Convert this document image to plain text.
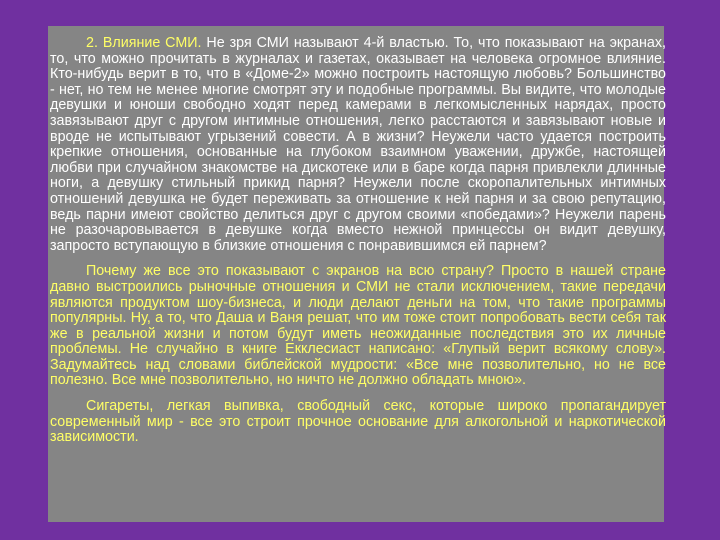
2. Влияние СМИ. Не зря СМИ называют 4-й властью. То, что показывают на экранах, то, что можно прочитать в журналах и газетах, оказывает на человека огромное влияние. Кто-нибудь верит в то, что в «Доме-2» можно построить настоящую любовь? Большинство - нет, но тем не менее многие смотрят эту и подобные программы. Вы видите, что молодые девушки и юноши свободно ходят перед камерами в легкомысленных нарядах, просто завязывают друг с другом интимные отношения, легко расстаются и завязывают новые и вроде не испытывают угрызений совести. А в жизни? Неужели часто удается построить крепкие отношения, основанные на глубоком взаимном уважении, дружбе, настоящей любви при случайном знакомстве на дискотеке или в баре когда парня привлекли длинные ноги, а девушку стильный прикид парня? Неужели после скоропалительных интимных отношений девушка не будет переживать за отношение к ней парня и за свою репутацию, ведь парни имеют свойство делиться друг с другом своими «победами»? Неужели парень не разочаровывается в девушке когда вместо нежной принцессы он видит девушку, запросто вступающую в близкие отношения с понравившимся ей парнем?

Почему же все это показывают с экранов на всю страну? Просто в нашей стране давно выстроились рыночные отношения и СМИ не стали исключением, такие передачи являются продуктом шоу-бизнеса, и люди делают деньги на том, что такие программы популярны. Ну, а то, что Даша и Ваня решат, что им тоже стоит попробовать вести себя так же в реальной жизни и потом будут иметь неожиданные последствия это их личные проблемы. Не случайно в книге Екклесиаст написано: «Глупый верит всякому слову». Задумайтесь над словами библейской мудрости: «Все мне позволительно, но не все полезно. Все мне позволительно, но ничто не должно обладать мною».

Сигареты, легкая выпивка, свободный секс, которые широко пропагандирует современный мир - все это строит прочное основание для алкогольной и наркотической зависимости.
